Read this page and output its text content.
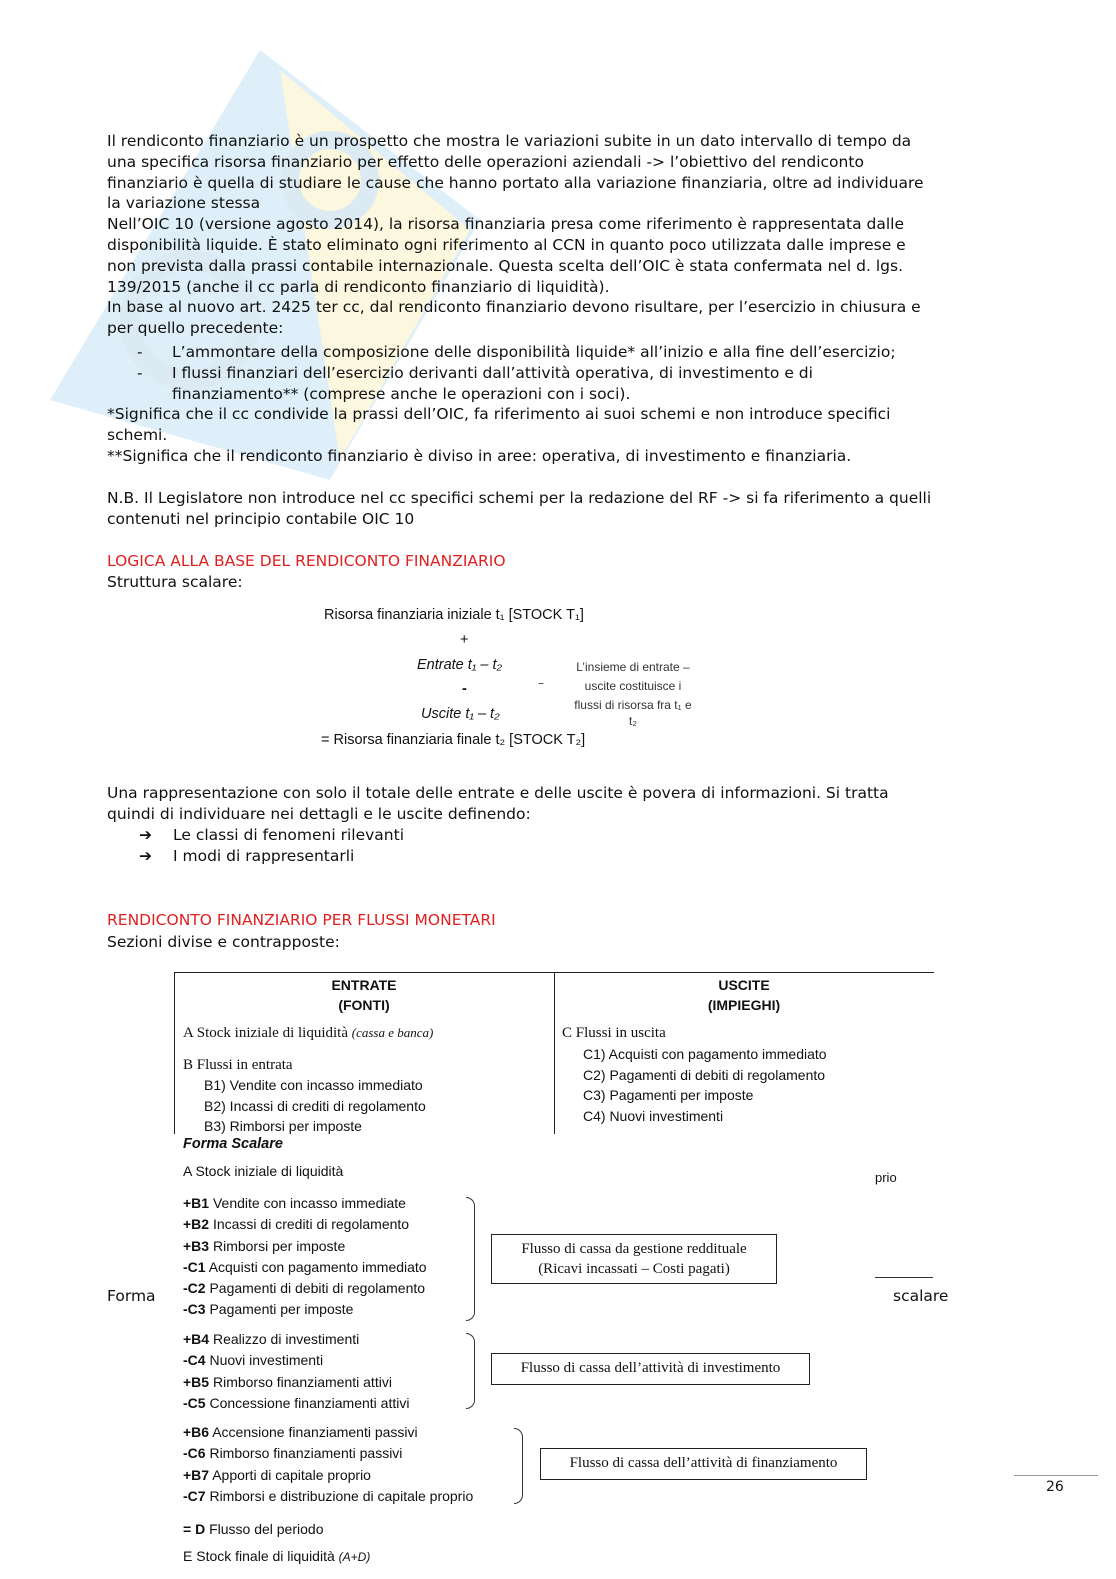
Il rendiconto finanziario è un prospetto che mostra le variazioni subite in un dato intervallo di tempo da
una specifica risorsa finanziario per effetto delle operazioni aziendali -> l’obiettivo del rendiconto
finanziario è quella di studiare le cause che hanno portato alla variazione finanziaria, oltre ad individuare
la variazione stessa
Nell’OIC 10 (versione agosto 2014), la risorsa finanziaria presa come riferimento è rappresentata dalle
disponibilità liquide. È stato eliminato ogni riferimento al CCN in quanto poco utilizzata dalle imprese e
non prevista dalla prassi contabile internazionale. Questa scelta dell’OIC è stata confermata nel d. lgs.
139/2015 (anche il cc parla di rendiconto finanziario di liquidità).
In base al nuovo art. 2425 ter cc, dal rendiconto finanziario devono risultare, per l’esercizio in chiusura e
per quello precedente:
- L’ammontare della composizione delle disponibilità liquide* all’inizio e alla fine dell’esercizio;
- I flussi finanziari dell’esercizio derivanti dall’attività operativa, di investimento e di
finanziamento** (comprese anche le operazioni con i soci).
*Significa che il cc condivide la prassi dell’OIC, fa riferimento ai suoi schemi e non introduce specifici
schemi.
**Significa che il rendiconto finanziario è diviso in aree: operativa, di investimento e finanziaria.
N.B. Il Legislatore non introduce nel cc specifici schemi per la redazione del RF -> si fa riferimento a quelli
contenuti nel principio contabile OIC 10
LOGICA ALLA BASE DEL RENDICONTO FINANZIARIO
Struttura scalare:
Risorsa finanziaria iniziale t₁ [STOCK T₁]
+
Entrate t₁ – t₂
-
Uscite t₁ – t₂
= Risorsa finanziaria finale t₂ [STOCK T₂]
–
L’insieme di entrate –
uscite costituisce i
flussi di risorsa fra t₁ e
t₂
Una rappresentazione con solo il totale delle entrate e delle uscite è povera di informazioni. Si tratta
quindi di individuare nei dettagli e le uscite definendo:
➔ Le classi di fenomeni rilevanti
➔ I modi di rappresentarli
RENDICONTO FINANZIARIO PER FLUSSI MONETARI
Sezioni divise e contrapposte:
ENTRATE
(FONTI)
USCITE
(IMPIEGHI)
A Stock iniziale di liquidità (cassa e banca)
B Flussi in entrata
B1) Vendite con incasso immediato
B2) Incassi di crediti di regolamento
B3) Rimborsi per imposte
C Flussi in uscita
C1) Acquisti con pagamento immediato
C2) Pagamenti di debiti di regolamento
C3) Pagamenti per imposte
C4) Nuovi investimenti
Forma	scalare
prio
Forma Scalare
A Stock iniziale di liquidità
+B1 Vendite con incasso immediate
+B2 Incassi di crediti di regolamento
+B3 Rimborsi per imposte
-C1 Acquisti con pagamento immediato
-C2 Pagamenti di debiti di regolamento
-C3 Pagamenti per imposte
Flusso di cassa da gestione reddituale
(Ricavi incassati – Costi pagati)
+B4 Realizzo di investimenti
-C4 Nuovi investimenti
+B5 Rimborso finanziamenti attivi
-C5 Concessione finanziamenti attivi
Flusso di cassa dell’attività di investimento
+B6 Accensione finanziamenti passivi
-C6 Rimborso finanziamenti passivi
+B7 Apporti di capitale proprio
-C7 Rimborsi e distribuzione di capitale proprio
Flusso di cassa dell’attività di finanziamento
= D Flusso del periodo
E Stock finale di liquidità (A+D)
26
